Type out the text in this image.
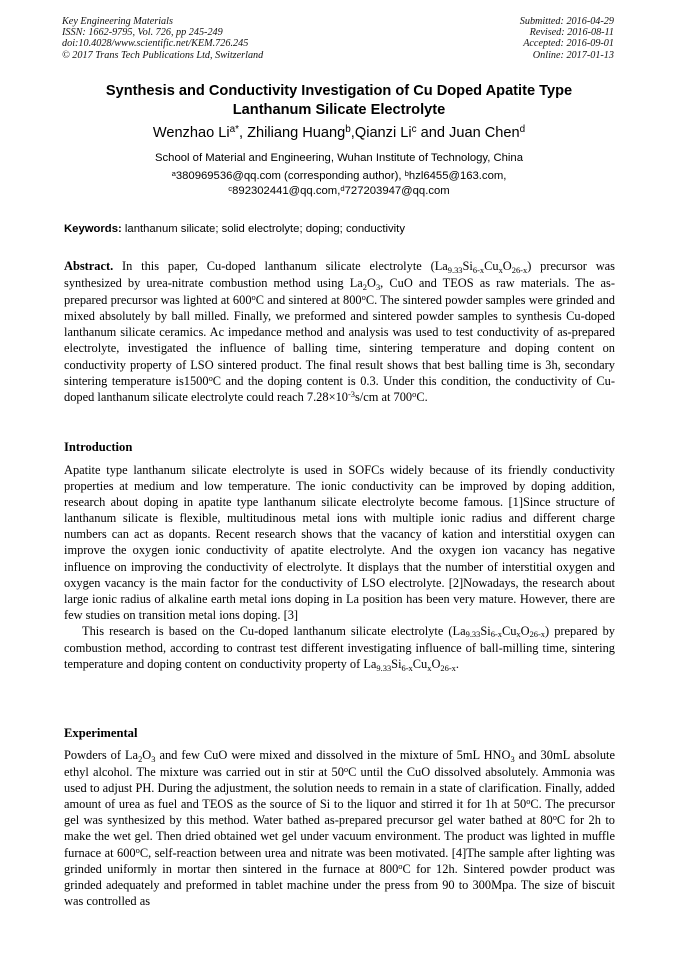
Key Engineering Materials
ISSN: 1662-9795, Vol. 726, pp 245-249
doi:10.4028/www.scientific.net/KEM.726.245
© 2017 Trans Tech Publications Ltd, Switzerland
Submitted: 2016-04-29
Revised: 2016-08-11
Accepted: 2016-09-01
Online: 2017-01-13
Synthesis and Conductivity Investigation of Cu Doped Apatite Type
Lanthanum Silicate Electrolyte
Wenzhao $Li^{a*}$, Zhiliang Huang$^b$,Qianzi Li$^c$ and Juan Chen$^d$
School of Material and Engineering, Wuhan Institute of Technology, China
$^a$380969536@qq.com (corresponding author), $^b$hzl6455@163.com,
$^c$892302441@qq.com,$^d$727203947@qq.com
Keywords: lanthanum silicate; solid electrolyte; doping; conductivity

Abstract. In this paper, Cu-doped lanthanum silicate electrolyte $(La_{9.33}Si_{6-x}Cu_xO_{26-x})$ precursor was synthesized by urea-nitrate combustion method using $La_2O_3$, CuO and TEOS as raw materials. The as-prepared precursor was lighted at 600$^o$C and sintered at 800$^o$C. The sintered powder samples were grinded and mixed absolutely by ball milled. Finally, we preformed and sintered powder samples to synthesis Cu-doped lanthanum silicate ceramics. Ac impedance method and analysis was used to test conductivity of as-prepared electrolyte, investigated the influence of balling time, sintering temperature and doping content on conductivity property of LSO sintered product. The final result shows that best balling time is 3h, secondary sintering temperature is1500$^o$C and the doping content is 0.3. Under this condition, the conductivity of Cu-doped lanthanum silicate electrolyte could reach $7.28\times 10^{-3}s/cm$ at 700$^o$C.

Introduction

Apatite type lanthanum silicate electrolyte is used in SOFCs widely because of its friendly conductivity properties at medium and low temperature. The ionic conductivity can be improved by doping addition, research about doping in apatite type lanthanum silicate electrolyte become famous. [1]Since structure of lanthanum silicate is flexible, multitudinous metal ions with multiple ionic radius and different charge numbers can act as dopants. Recent research shows that the vacancy of kation and interstitial oxygen can improve the oxygen ionic conductivity of apatite electrolyte. And the oxygen ion vacancy has negative influence on improving the conductivity of electrolyte. It displays that the number of interstitial oxygen and oxygen vacancy is the main factor for the conductivity of LSO electrolyte. [2]Nowadays, the research about large ionic radius of alkaline earth metal ions doping in La position has been very mature. However, there are few studies on transition metal ions doping. [3]

This research is based on the Cu-doped lanthanum silicate electrolyte $(La_{9.33}Si_{6-x}Cu_xO_{26-x})$ prepared by combustion method, according to contrast test different investigating influence of ball-milling time, sintering temperature and doping content on conductivity property of $La_{9.33}Si_{6-x}Cu_xO_{26-x}$.

Experimental

Powders of $La_2O_3$ and few CuO were mixed and dissolved in the mixture of 5mL $HNO_3$ and 30mL absolute ethyl alcohol. The mixture was carried out in stir at 50$^o$C until the CuO dissolved absolutely. Ammonia was used to adjust PH. During the adjustment, the solution needs to remain in a state of clarification. Finally, added amount of urea as fuel and TEOS as the source of Si to the liquor and stirred it for 1h at 50$^o$C. The precursor gel was synthesized by this method. Water bathed as-prepared precursor gel water bathed at 80$^o$C for 2h to make the wet gel. Then dried obtained wet gel under vacuum environment. The product was lighted in muffle furnace at 600$^o$C, self-reaction between urea and nitrate was been motivated. [4]The sample after lighting was grinded uniformly in mortar then sintered in the furnace at 800$^o$C for 12h. Sintered powder product was grinded adequately and preformed in tablet machine under the press from 90 to 300Mpa. The size of biscuit was controlled as
